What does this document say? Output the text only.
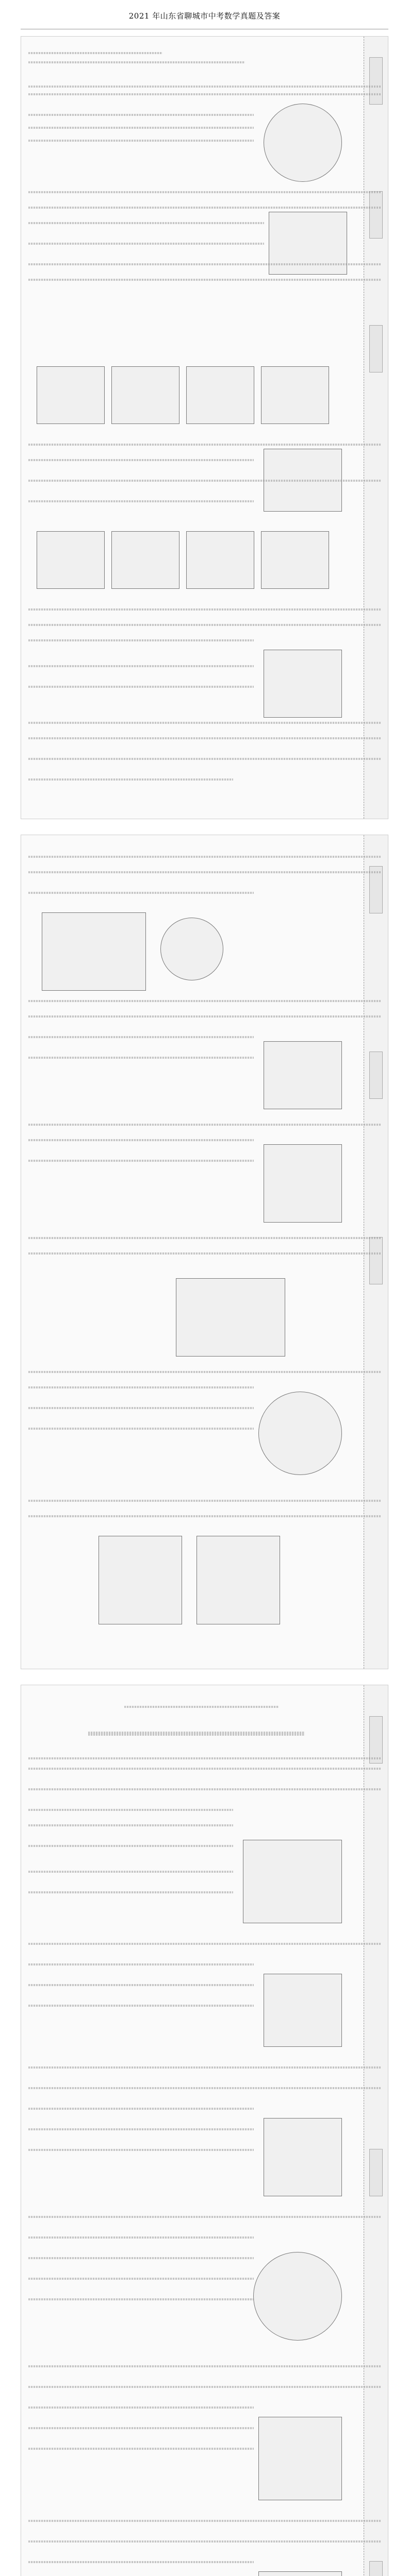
2021 年山东省聊城市中考数学真题及答案
